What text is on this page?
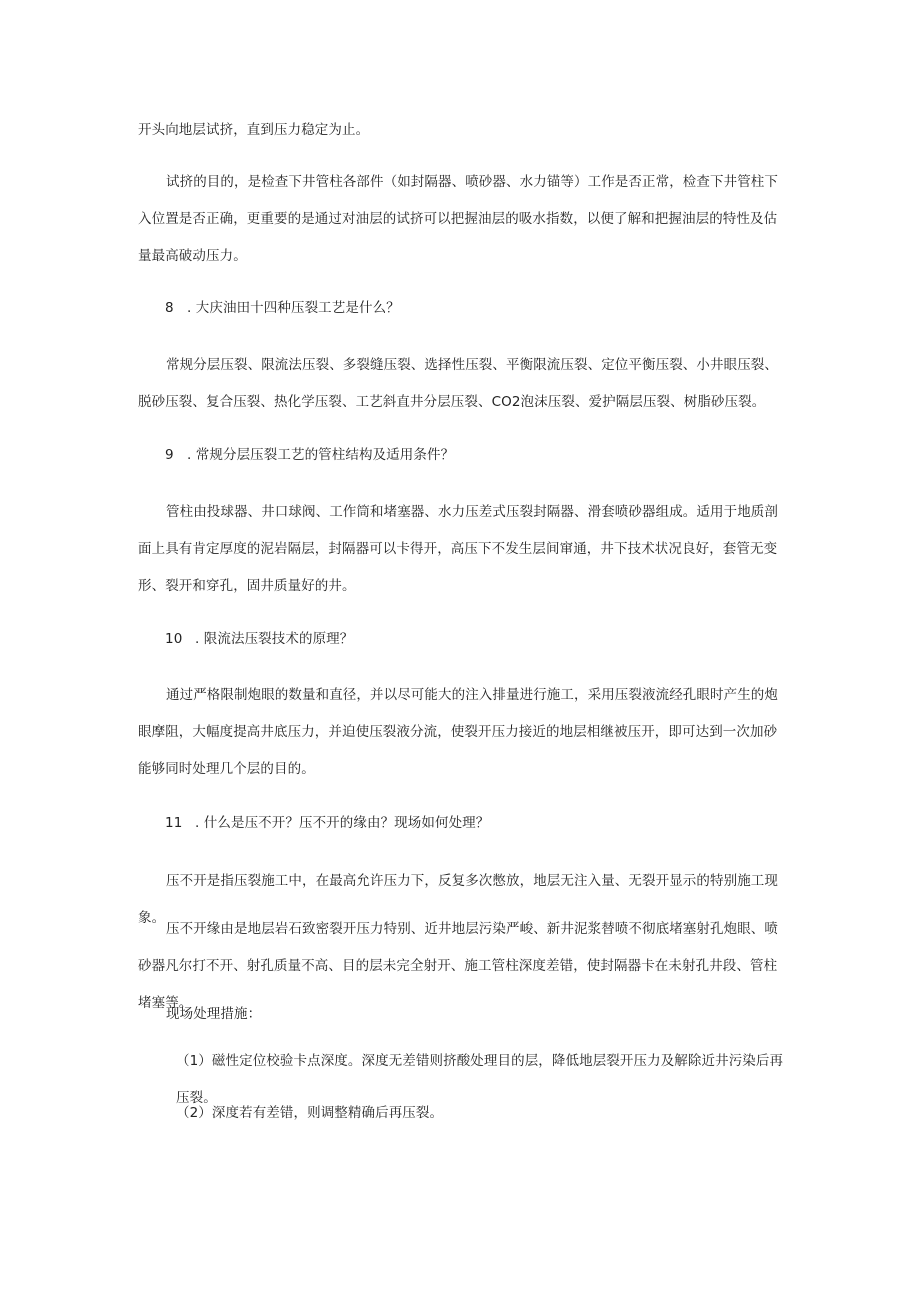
开头向地层试挤，直到压力稳定为止。
试挤的目的，是检查下井管柱各部件（如封隔器、喷砂器、水力锚等）工作是否正常，检查下井管柱下入位置是否正确，更重要的是通过对油层的试挤可以把握油层的吸水指数，以便了解和把握油层的特性及估量最高破动压力。
8 . 大庆油田十四种压裂工艺是什么？
常规分层压裂、限流法压裂、多裂缝压裂、选择性压裂、平衡限流压裂、定位平衡压裂、小井眼压裂、脱砂压裂、复合压裂、热化学压裂、工艺斜直井分层压裂、CO2泡沫压裂、爱护隔层压裂、树脂砂压裂。
9 . 常规分层压裂工艺的管柱结构及适用条件？
管柱由投球器、井口球阀、工作筒和堵塞器、水力压差式压裂封隔器、滑套喷砂器组成。适用于地质剖面上具有肯定厚度的泥岩隔层，封隔器可以卡得开，高压下不发生层间窜通，井下技术状况良好，套管无变形、裂开和穿孔，固井质量好的井。
10 . 限流法压裂技术的原理？
通过严格限制炮眼的数量和直径，并以尽可能大的注入排量进行施工，采用压裂液流经孔眼时产生的炮眼摩阻，大幅度提高井底压力，并迫使压裂液分流，使裂开压力接近的地层相继被压开，即可达到一次加砂能够同时处理几个层的目的。
11 . 什么是压不开？压不开的缘由？现场如何处理？
压不开是指压裂施工中，在最高允许压力下，反复多次憋放，地层无注入量、无裂开显示的特别施工现象。
压不开缘由是地层岩石致密裂开压力特别、近井地层污染严峻、新井泥浆替喷不彻底堵塞射孔炮眼、喷砂器凡尔打不开、射孔质量不高、目的层未完全射开、施工管柱深度差错，使封隔器卡在未射孔井段、管柱堵塞等。
现场处理措施：
（1）磁性定位校验卡点深度。深度无差错则挤酸处理目的层，降低地层裂开压力及解除近井污染后再压裂。
（2）深度若有差错，则调整精确后再压裂。
